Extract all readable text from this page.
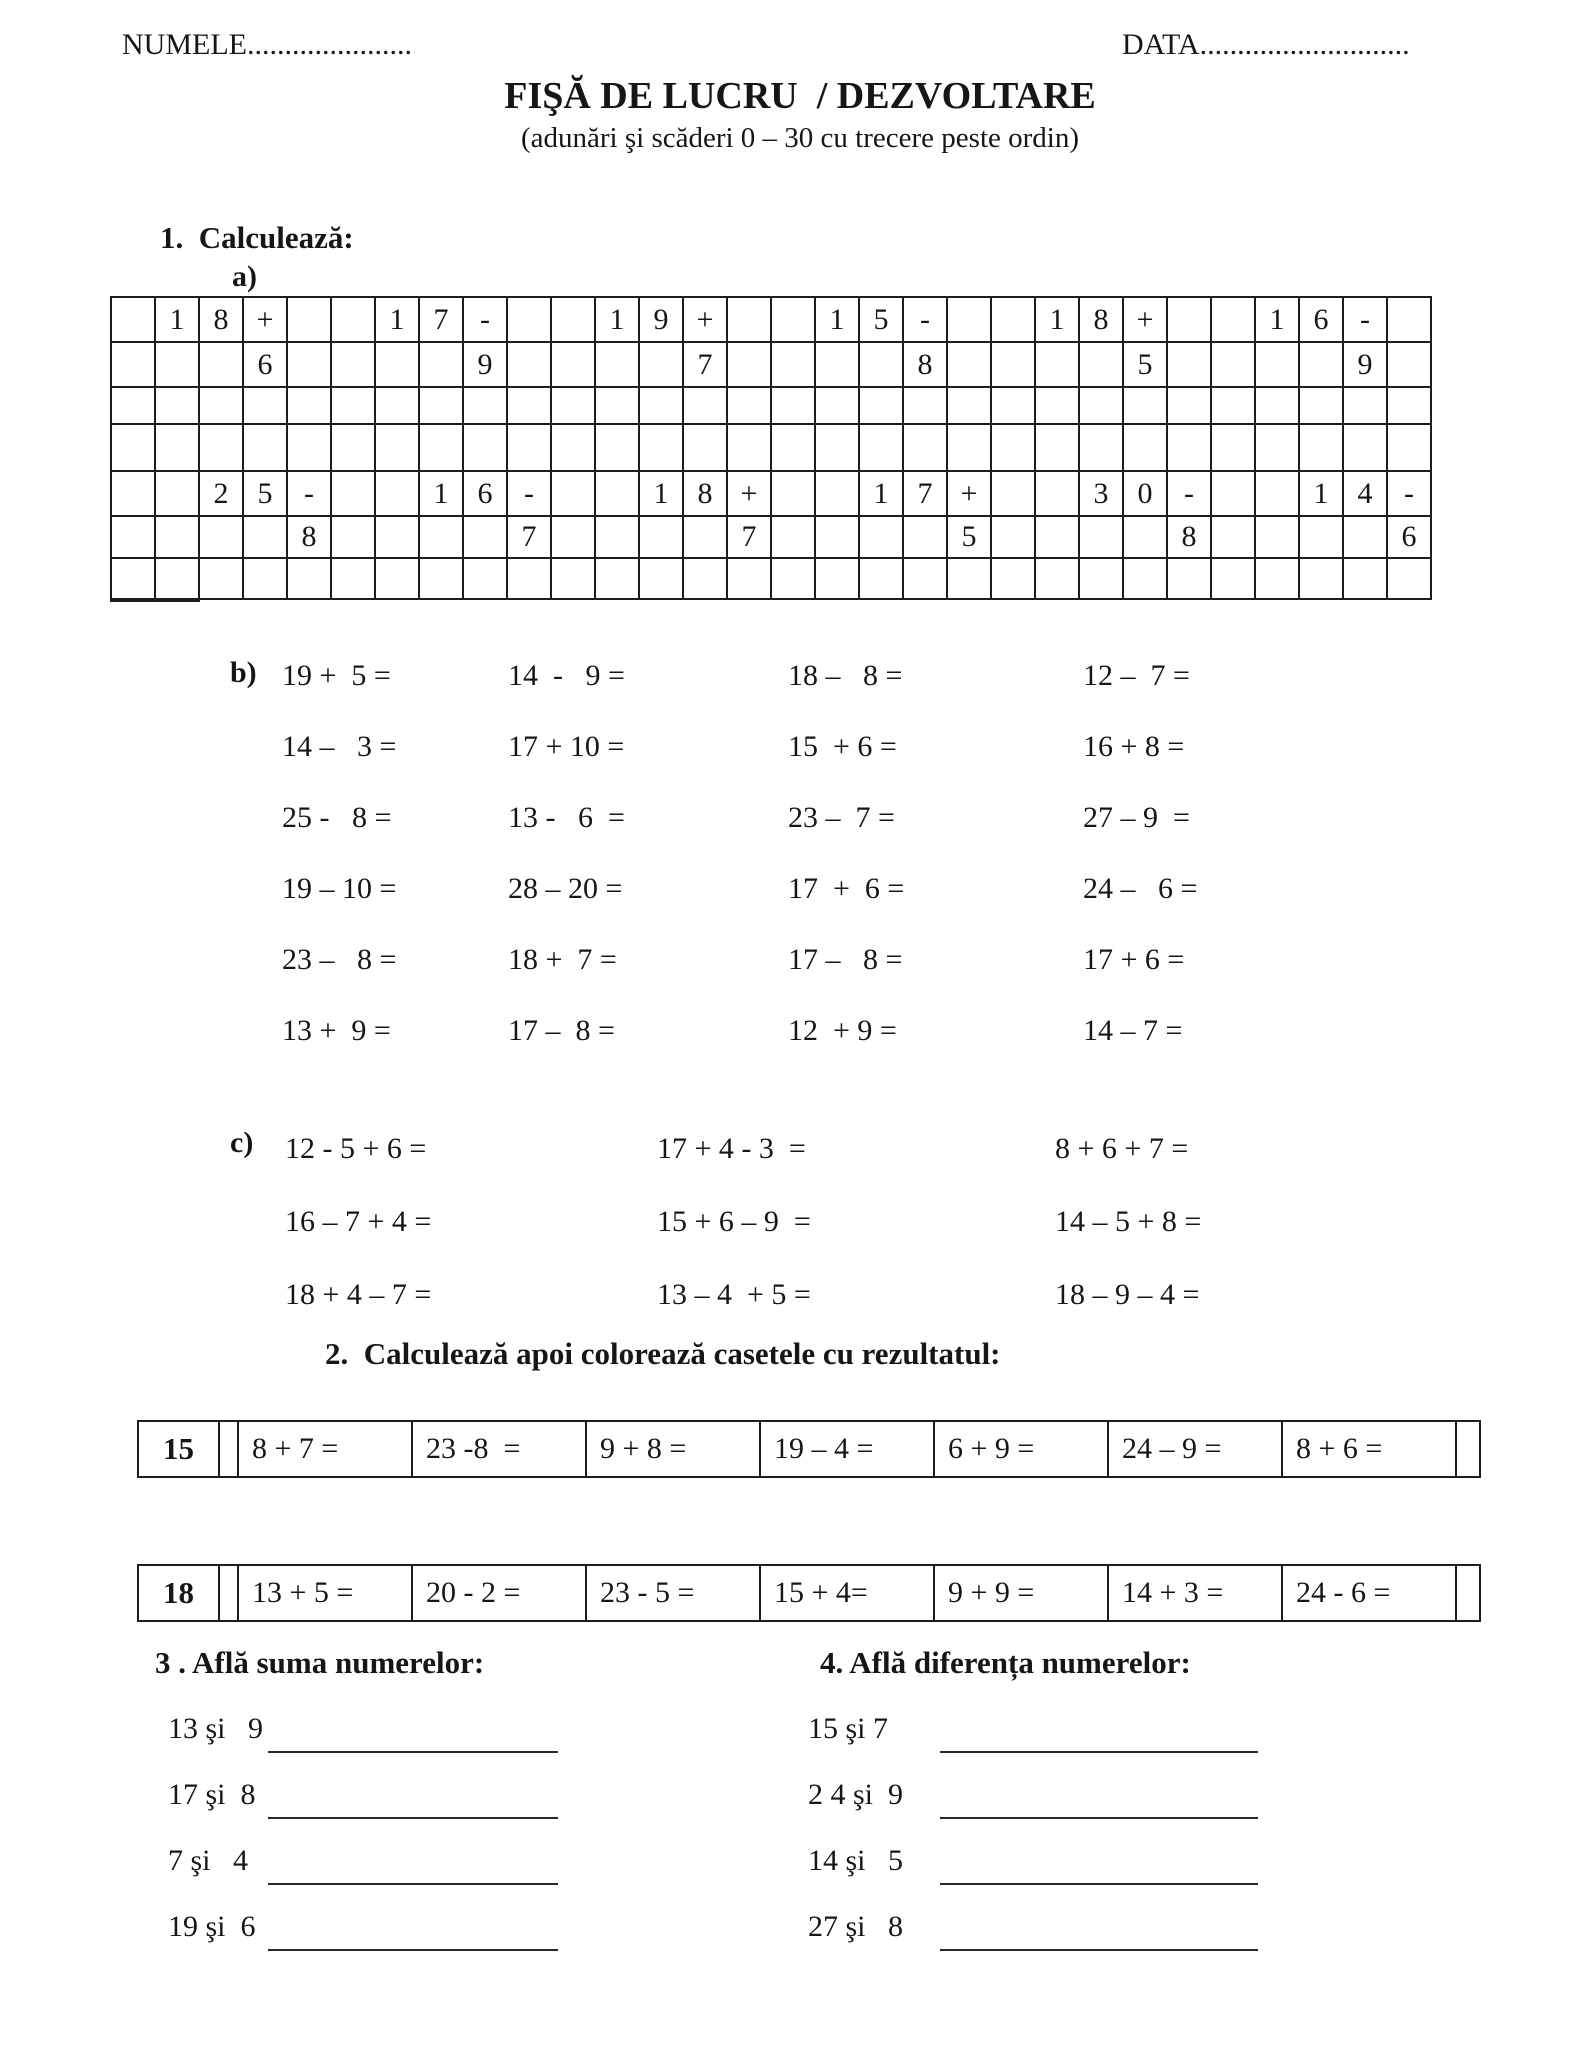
NUMELE......................	DATA............................
FIŞĂ DE LUCRU  / DEZVOLTARE
(adunări şi scăderi 0 – 30 cu trecere peste ordin)
1.  Calculează:
a)
1 8 +	1 7	-	1 9 +	1 5	-	1 8 +	1 6	-
6	9	7	8	5	9
2 5	-	1 6	-	1 8 +	1 7 +	3 0	-	1 4	-
8	7	7	5	8	6
b) 19 +  5 =	14  -   9 =	18 –   8 =	12 –  7 =
14 –   3 =	17 + 10 =	15  + 6 =	16 + 8 =
25 -   8 =	13 -   6  =	23 –  7 =	27 – 9  =
19 – 10 =	28 – 20 =	17  +  6 =	24 –   6 =
23 –   8 =	18 +  7 =	17 –   8 =	17 + 6 =
13 +  9 =	17 –  8 =	12  + 9 =	14 – 7 =
c) 12 - 5 + 6 =	17 + 4 - 3  =	8 + 6 + 7 =
16 – 7 + 4 =	15 + 6 – 9  =	14 – 5 + 8 =
18 + 4 – 7 =	13 – 4  + 5 =	18 – 9 – 4 =
2.  Calculează apoi colorează casetele cu rezultatul:
15	8 + 7 =	23 -8  =	9 + 8 =	19 – 4 =	6 + 9 =	24 – 9 =	8 + 6 =
18	13 + 5 =	20 - 2 =	23 - 5 =	15 + 4=	9 + 9 =	14 + 3 =	24 - 6 =
3 . Află suma numerelor:	4. Află diferența numerelor:
13 şi   9
17 şi  8
7 şi   4
19 şi  6
15 şi 7
2 4 şi  9
14 şi   5
27 şi   8
